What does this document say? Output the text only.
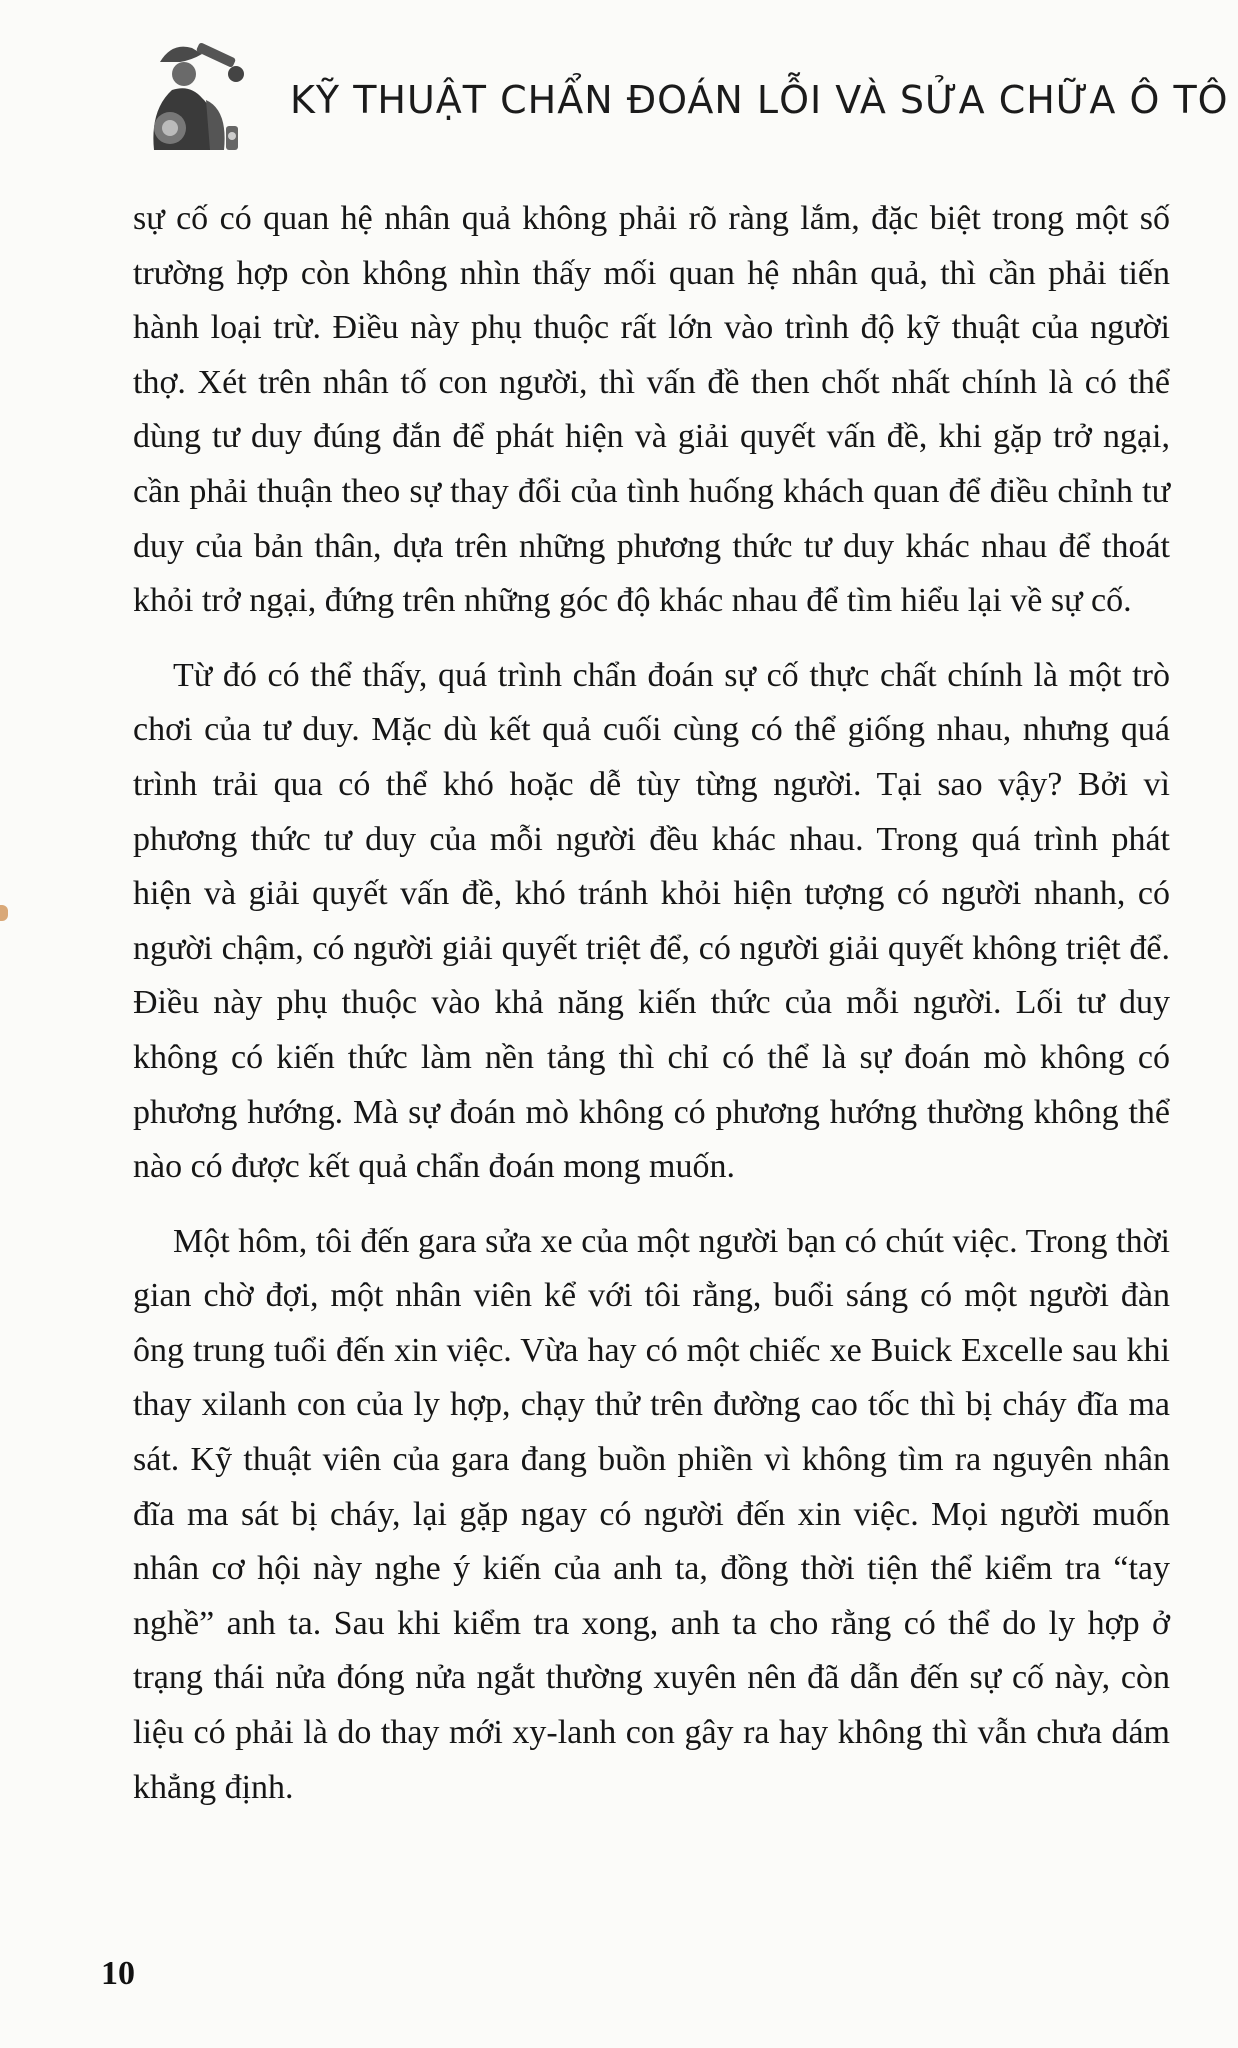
KỸ THUẬT CHẨN ĐOÁN LỖI VÀ SỬA CHỮA Ô TÔ

sự cố có quan hệ nhân quả không phải rõ ràng lắm, đặc biệt trong một số trường hợp còn không nhìn thấy mối quan hệ nhân quả, thì cần phải tiến hành loại trừ. Điều này phụ thuộc rất lớn vào trình độ kỹ thuật của người thợ. Xét trên nhân tố con người, thì vấn đề then chốt nhất chính là có thể dùng tư duy đúng đắn để phát hiện và giải quyết vấn đề, khi gặp trở ngại, cần phải thuận theo sự thay đổi của tình huống khách quan để điều chỉnh tư duy của bản thân, dựa trên những phương thức tư duy khác nhau để thoát khỏi trở ngại, đứng trên những góc độ khác nhau để tìm hiểu lại về sự cố.

Từ đó có thể thấy, quá trình chẩn đoán sự cố thực chất chính là một trò chơi của tư duy. Mặc dù kết quả cuối cùng có thể giống nhau, nhưng quá trình trải qua có thể khó hoặc dễ tùy từng người. Tại sao vậy? Bởi vì phương thức tư duy của mỗi người đều khác nhau. Trong quá trình phát hiện và giải quyết vấn đề, khó tránh khỏi hiện tượng có người nhanh, có người chậm, có người giải quyết triệt để, có người giải quyết không triệt để. Điều này phụ thuộc vào khả năng kiến thức của mỗi người. Lối tư duy không có kiến thức làm nền tảng thì chỉ có thể là sự đoán mò không có phương hướng. Mà sự đoán mò không có phương hướng thường không thể nào có được kết quả chẩn đoán mong muốn.

Một hôm, tôi đến gara sửa xe của một người bạn có chút việc. Trong thời gian chờ đợi, một nhân viên kể với tôi rằng, buổi sáng có một người đàn ông trung tuổi đến xin việc. Vừa hay có một chiếc xe Buick Excelle sau khi thay xilanh con của ly hợp, chạy thử trên đường cao tốc thì bị cháy đĩa ma sát. Kỹ thuật viên của gara đang buồn phiền vì không tìm ra nguyên nhân đĩa ma sát bị cháy, lại gặp ngay có người đến xin việc. Mọi người muốn nhân cơ hội này nghe ý kiến của anh ta, đồng thời tiện thể kiểm tra “tay nghề” anh ta. Sau khi kiểm tra xong, anh ta cho rằng có thể do ly hợp ở trạng thái nửa đóng nửa ngắt thường xuyên nên đã dẫn đến sự cố này, còn liệu có phải là do thay mới xy-lanh con gây ra hay không thì vẫn chưa dám khẳng định.

10
